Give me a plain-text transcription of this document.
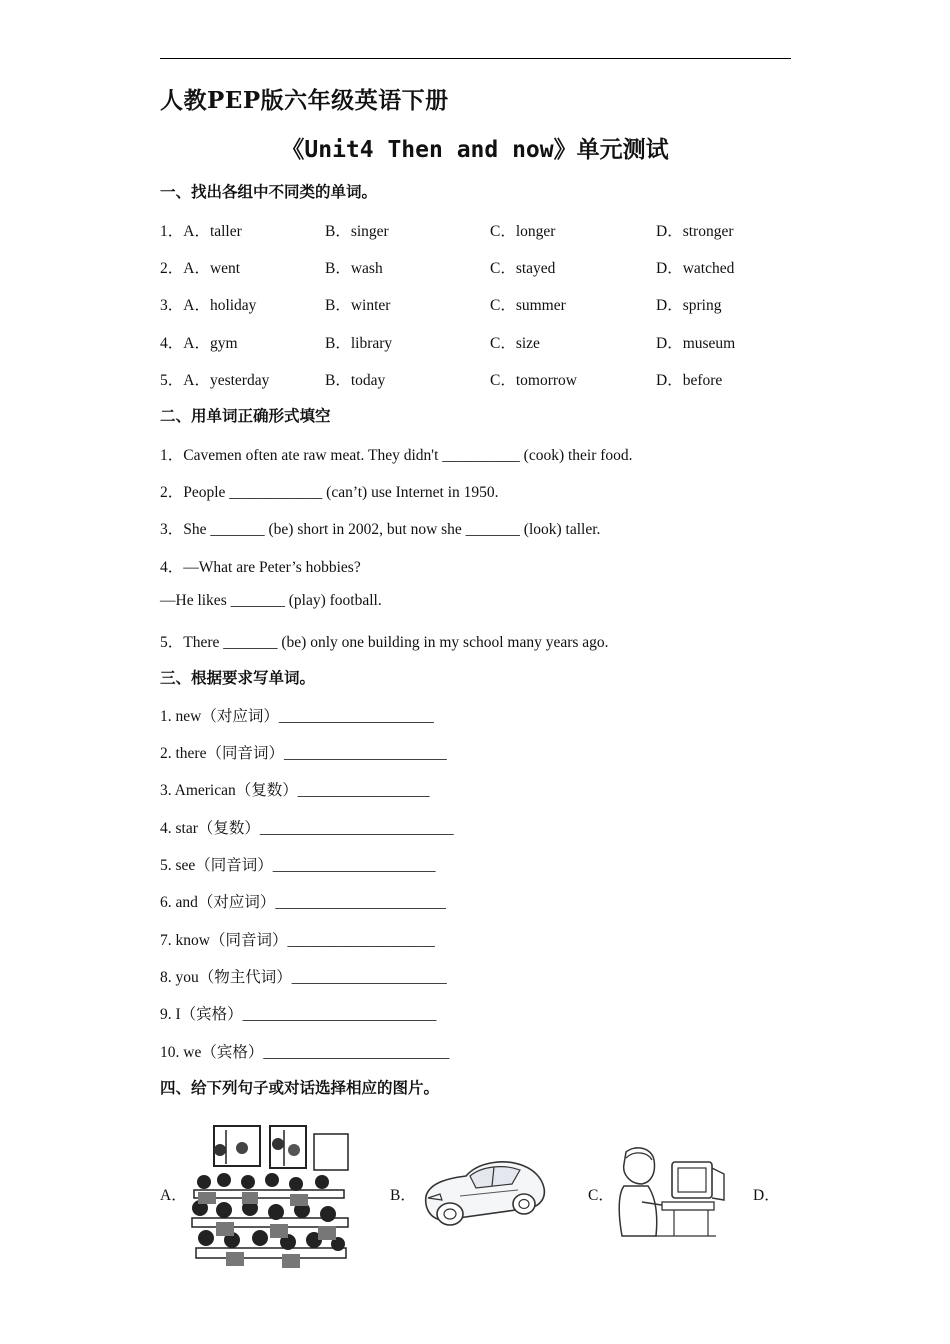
人教PEP版六年级英语下册
《Unit4 Then and now》单元测试
一、找出各组中不同类的单词。
1．A．taller	B．singer	C．longer	D．stronger
2．A．went	B．wash	C．stayed	D．watched
3．A．holiday	B．winter	C．summer	D．spring
4．A．gym	B．library	C．size	D．museum
5．A．yesterday	B．today	C．tomorrow	D．before
二、用单词正确形式填空
1．Cavemen often ate raw meat. They didn't __________ (cook) their food.
2．People ____________ (can’t) use Internet in 1950.
3．She _______ (be) short in 2002, but now she _______ (look) taller.
4．—What are Peter’s hobbies?
—He likes _______ (play) football.
5．There _______ (be) only one building in my school many years ago.
三、根据要求写单词。
1. new（对应词）____________________
2. there（同音词）_____________________
3. American（复数）_________________
4. star（复数）_________________________
5. see（同音词）_____________________
6. and（对应词）______________________
7. know（同音词）___________________
8. you（物主代词）____________________
9. I（宾格）_________________________
10. we（宾格）________________________
四、给下列句子或对话选择相应的图片。
A．	B．	C．	D．
